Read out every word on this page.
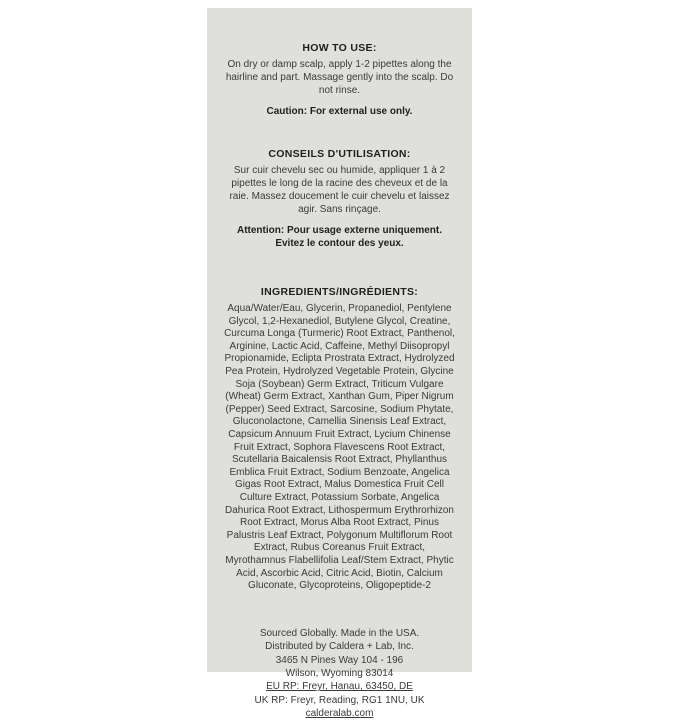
HOW TO USE:

On dry or damp scalp, apply 1-2 pipettes along the hairline and part. Massage gently into the scalp. Do not rinse.

Caution: For external use only.

CONSEILS D'UTILISATION:

Sur cuir chevelu sec ou humide, appliquer 1 à 2 pipettes le long de la racine des cheveux et de la raie. Massez doucement le cuir chevelu et laissez agir. Sans rinçage.

Attention: Pour usage externe uniquement. Evitez le contour des yeux.

INGREDIENTS/INGRÉDIENTS:

Aqua/Water/Eau, Glycerin, Propanediol, Pentylene Glycol, 1,2-Hexanediol, Butylene Glycol, Creatine, Curcuma Longa (Turmeric) Root Extract, Panthenol, Arginine, Lactic Acid, Caffeine, Methyl Diisopropyl Propionamide, Eclipta Prostrata Extract, Hydrolyzed Pea Protein, Hydrolyzed Vegetable Protein, Glycine Soja (Soybean) Germ Extract, Triticum Vulgare (Wheat) Germ Extract, Xanthan Gum, Piper Nigrum (Pepper) Seed Extract, Sarcosine, Sodium Phytate, Gluconolactone, Camellia Sinensis Leaf Extract, Capsicum Annuum Fruit Extract, Lycium Chinense Fruit Extract, Sophora Flavescens Root Extract, Scutellaria Baicalensis Root Extract, Phyllanthus Emblica Fruit Extract, Sodium Benzoate, Angelica Gigas Root Extract, Malus Domestica Fruit Cell Culture Extract, Potassium Sorbate, Angelica Dahurica Root Extract, Lithospermum Erythrorhizon Root Extract, Morus Alba Root Extract, Pinus Palustris Leaf Extract, Polygonum Multiflorum Root Extract, Rubus Coreanus Fruit Extract, Myrothamnus Flabellifolia Leaf/Stem Extract, Phytic Acid, Ascorbic Acid, Citric Acid, Biotin, Calcium Gluconate, Glycoproteins, Oligopeptide-2

Sourced Globally. Made in the USA.
Distributed by Caldera + Lab, Inc.
3465 N Pines Way 104 - 196
Wilson, Wyoming 83014
EU RP: Freyr, Hanau, 63450, DE
UK RP: Freyr, Reading, RG1 1NU, UK
calderalab.com
